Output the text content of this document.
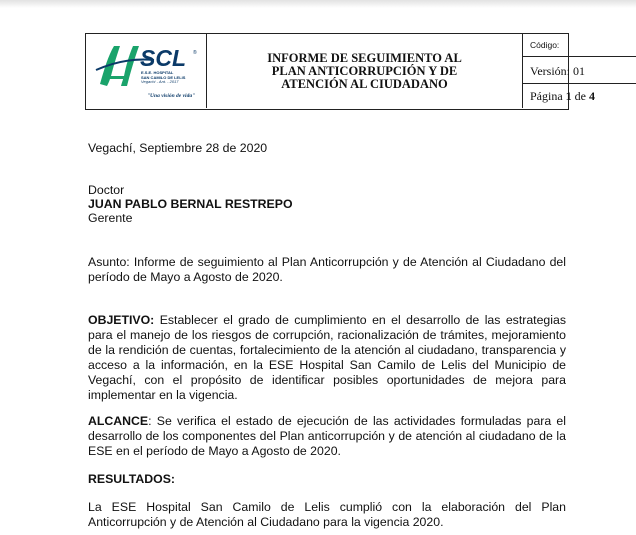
SCL ®
E.S.E. HOSPITAL
SAN CAMILO DE LELIS
Vegachí - Ant. - 2017
"Una visión de vida"
INFORME DE SEGUIMIENTO AL PLAN ANTICORRUPCIÓN Y DE ATENCIÓN AL CIUDADANO
Código:
Versión: 01
Página 1 de 4
Vegachí, Septiembre 28 de 2020
Doctor
JUAN PABLO BERNAL RESTREPO
Gerente
Asunto: Informe de seguimiento al Plan Anticorrupción y de Atención al Ciudadano del período de Mayo a Agosto de 2020.
OBJETIVO: Establecer el grado de cumplimiento en el desarrollo de las estrategias para el manejo de los riesgos de corrupción, racionalización de trámites, mejoramiento de la rendición de cuentas, fortalecimiento de la atención al ciudadano, transparencia y acceso a la información, en la ESE Hospital San Camilo de Lelis del Municipio de Vegachí, con el propósito de identificar posibles oportunidades de mejora para implementar en la vigencia.
ALCANCE: Se verifica el estado de ejecución de las actividades formuladas para el desarrollo de los componentes del Plan anticorrupción y de atención al ciudadano de la ESE en el período de Mayo a Agosto de 2020.
RESULTADOS:
La ESE Hospital San Camilo de Lelis cumplió con la elaboración del Plan Anticorrupción y de Atención al Ciudadano para la vigencia 2020.
